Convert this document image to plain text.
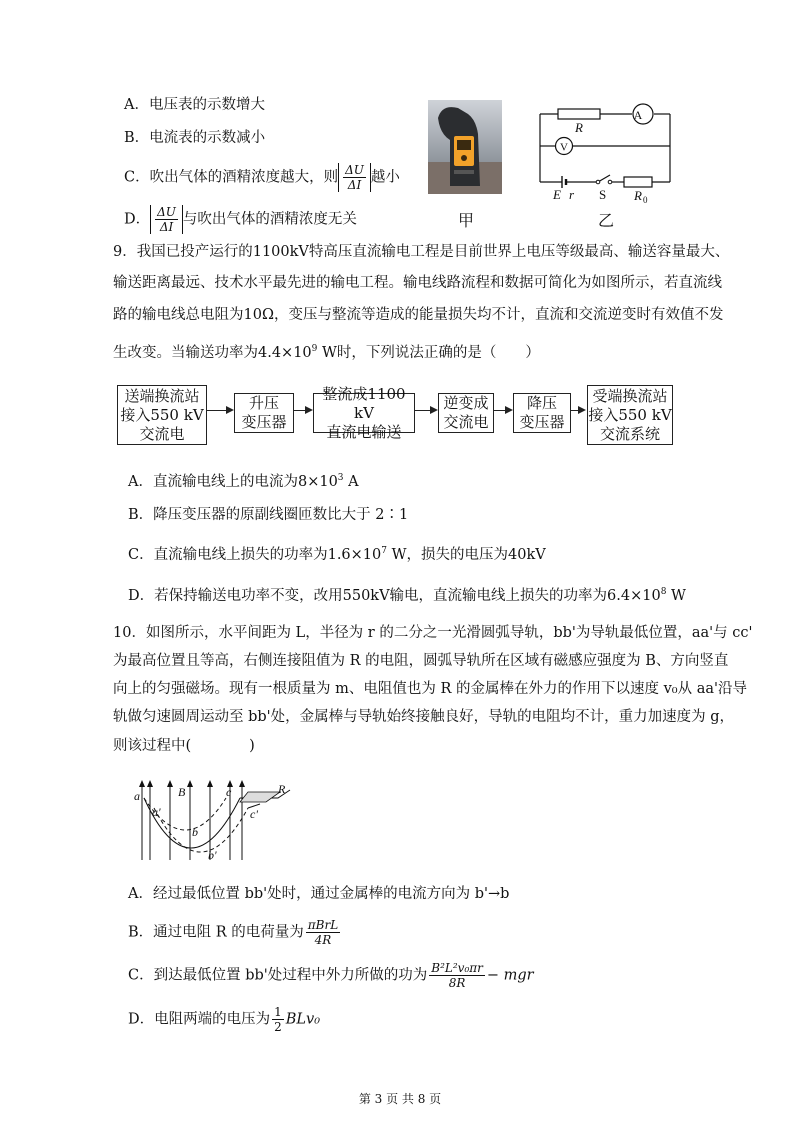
A．电压表的示数增大
B．电流表的示数减小
C．吹出气体的酒精浓度越大，则 $\frac{\Delta U}{\Delta I}$ 越小
D． $\frac{\Delta U}{\Delta I}$ 与吹出气体的酒精浓度无关	甲
A
V
R
E r S R 0
乙
9．我国已投产运行的1100kV特高压直流输电工程是目前世界上电压等级最高、输送容量最大、
输送距离最远、技术水平最先进的输电工程。输电线路流程和数据可简化为如图所示，若直流线
路的输电线总电阻为10Ω，变压与整流等造成的能量损失均不计，直流和交流逆变时有效值不发
生改变。当输送功率为$4.4\times 10^9$ W时，下列说法正确的是（　　）
送端换流站
接入550 kV
交流电
升压
变压器
整流成1100 kV
直流电输送
逆变成
交流电
降压
变压器
受端换流站
接入550 kV
交流系统
A．直流输电线上的电流为$8\times 10^3$ A
B．降压变压器的原副线圈匝数比大于 2∶1
C．直流输电线上损失的功率为$1.6\times 10^7$ W，损失的电压为40kV
D．若保持输送电功率不变，改用550kV输电，直流输电线上损失的功率为$6.4\times 10^8$ W
10．如图所示，水平间距为 L，半径为 r 的二分之一光滑圆弧导轨，bb'为导轨最低位置，aa'与 cc'
为最高位置且等高，右侧连接阻值为 R 的电阻，圆弧导轨所在区域有磁感应强度为 B、方向竖直
向上的匀强磁场。现有一根质量为 m、电阻值也为 R 的金属棒在外力的作用下以速度 v₀从 aa'沿导
轨做匀速圆周运动至 bb'处，金属棒与导轨始终接触良好，导轨的电阻均不计，重力加速度为 g，
则该过程中(　　　　)
a
a'
B
b
b'
c
c'
R
A．经过最低位置 bb'处时，通过金属棒的电流方向为 b'→b
B．通过电阻 R 的电荷量为 $\frac{\text{πBrL}}{4R}$
C．到达最低位置 bb'处过程中外力所做的功为 $\frac{\text{B²L²v₀πr}}{8R}$ − mgr
D．电阻两端的电压为 $\frac{1}{2} BLv_0$
第 3 页 共 8 页
